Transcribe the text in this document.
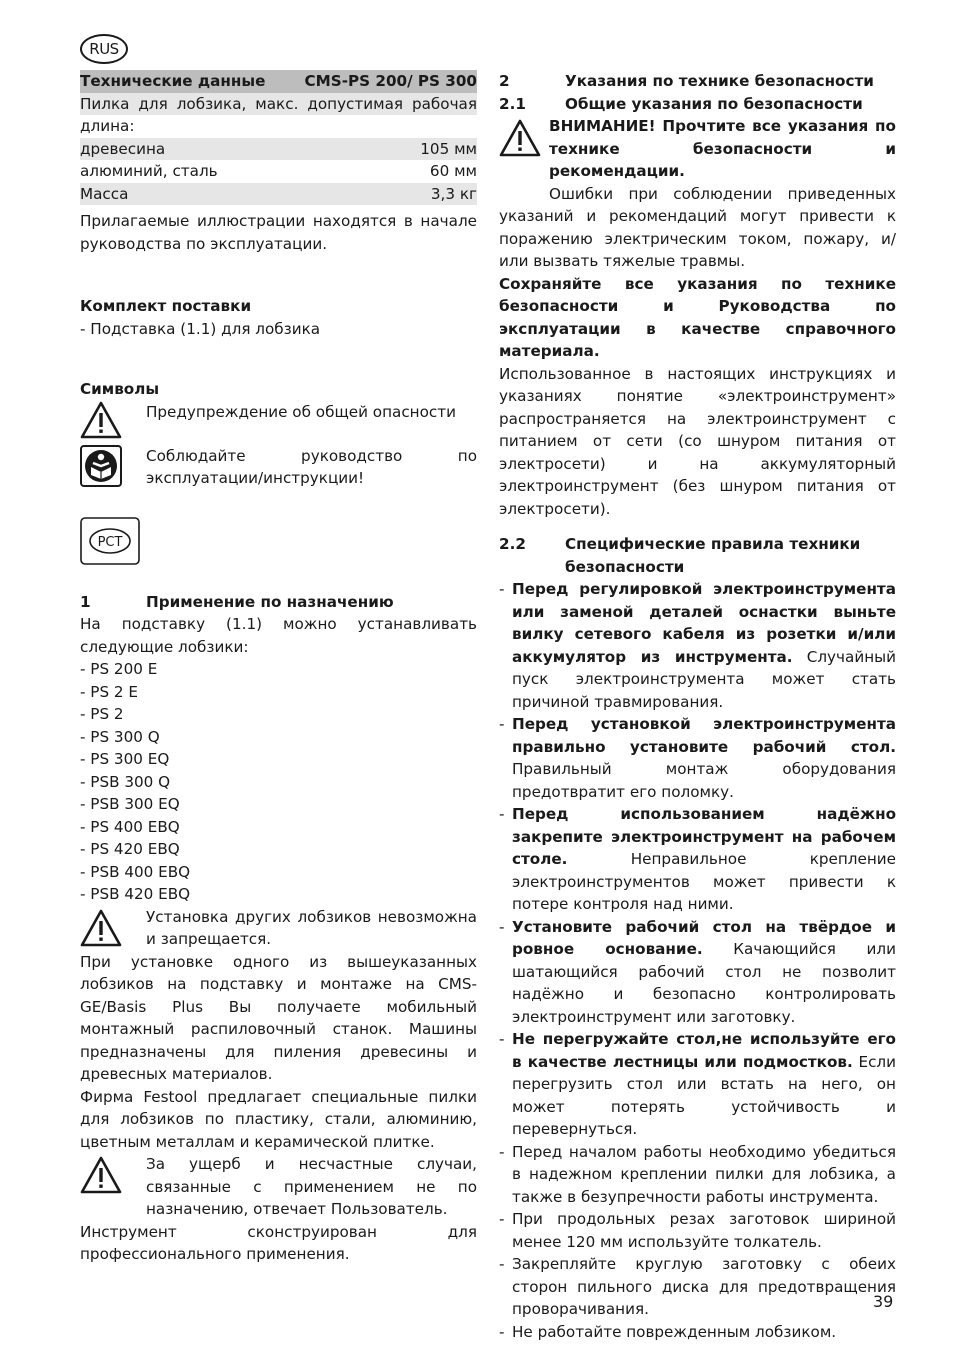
RUS
Технические данные	CMS-PS 200/ PS 300
Пилка для лобзика, макс. допустимая рабочая
длина:
древесина	105 мм
алюминий, сталь	60 мм
Масса	3,3 кг

Прилагаемые иллюстрации находятся в начале руководства по эксплуатации.

Комплект поставки

- Подставка (1.1) для лобзика

Символы

Предупреждение об общей опасности
Соблюдайте руководство по эксплуатации/инструкции!
РСТ
1	Применение по назначению

На подставку (1.1) можно устанавливать следующие лобзики:

- PS 200 E
- PS 2 E
- PS 2
- PS 300 Q
- PS 300 EQ
- PSB 300 Q
- PSB 300 EQ
- PS 400 EBQ
- PS 420 EBQ
- PSB 400 EBQ
- PSB 420 EBQ
Установка других лобзиков невозможна и запрещается.

При установке одного из вышеуказанных лобзиков на подставку и монтаже на CMS-GE/Basis Plus Вы получаете мобильный монтажный распиловочный станок. Машины предназначены для пиления древесины и древесных материалов.

Фирма Festool предлагает специальные пилки для лобзиков по пластику, стали, алюминию, цветным металлам и керамической плитке.

За ущерб и несчастные случаи, связанные с применением не по назначению, отвечает Пользователь.

Инструмент сконструирован для профессионального применения.

2	Указания по технике безопасности
2.1	Общие указания по безопасности
ВНИМАНИЕ! Прочтите все указания по технике безопасности и рекомендации.

Ошибки при соблюдении приведенных указаний и рекомендаций могут привести к поражению электрическим током, пожару, и/или вызвать тяжелые травмы.

Сохраняйте все указания по технике безопасности и Руководства по эксплуатации в качестве справочного материала.

Использованное в настоящих инструкциях и указаниях понятие «электроинструмент» распространяется на электроинструмент с питанием от сети (со шнуром питания от электросети) и на аккумуляторный электроинструмент (без шнуром питания от электросети).

2.2	Специфические правила техники безопасности
- Перед регулировкой электроинструмента или заменой деталей оснастки выньте вилку сетевого кабеля из розетки и/или аккумулятор из инструмента. Случайный пуск электроинструмента может стать причиной травмирования.
- Перед установкой электроинструмента правильно установите рабочий стол. Правильный монтаж оборудования предотвратит его поломку.
- Перед использованием надёжно закрепите электроинструмент на рабочем столе. Неправильное крепление электроинструментов может привести к потере контроля над ними.
- Установите рабочий стол на твёрдое и ровное основание. Качающийся или шатающийся рабочий стол не позволит надёжно и безопасно контролировать электроинструмент или заготовку.
- Не перегружайте стол,не используйте его в качестве лестницы или подмостков. Если перегрузить стол или встать на него, он может потерять устойчивость и перевернуться.
- Перед началом работы необходимо убедиться в надежном креплении пилки для лобзика, а также в безупречности работы инструмента.
- При продольных резах заготовок шириной менее 120 мм используйте толкатель.
- Закрепляйте круглую заготовку с обеих сторон пильного диска для предотвращения проворачивания.
- Не работайте поврежденным лобзиком.
39
